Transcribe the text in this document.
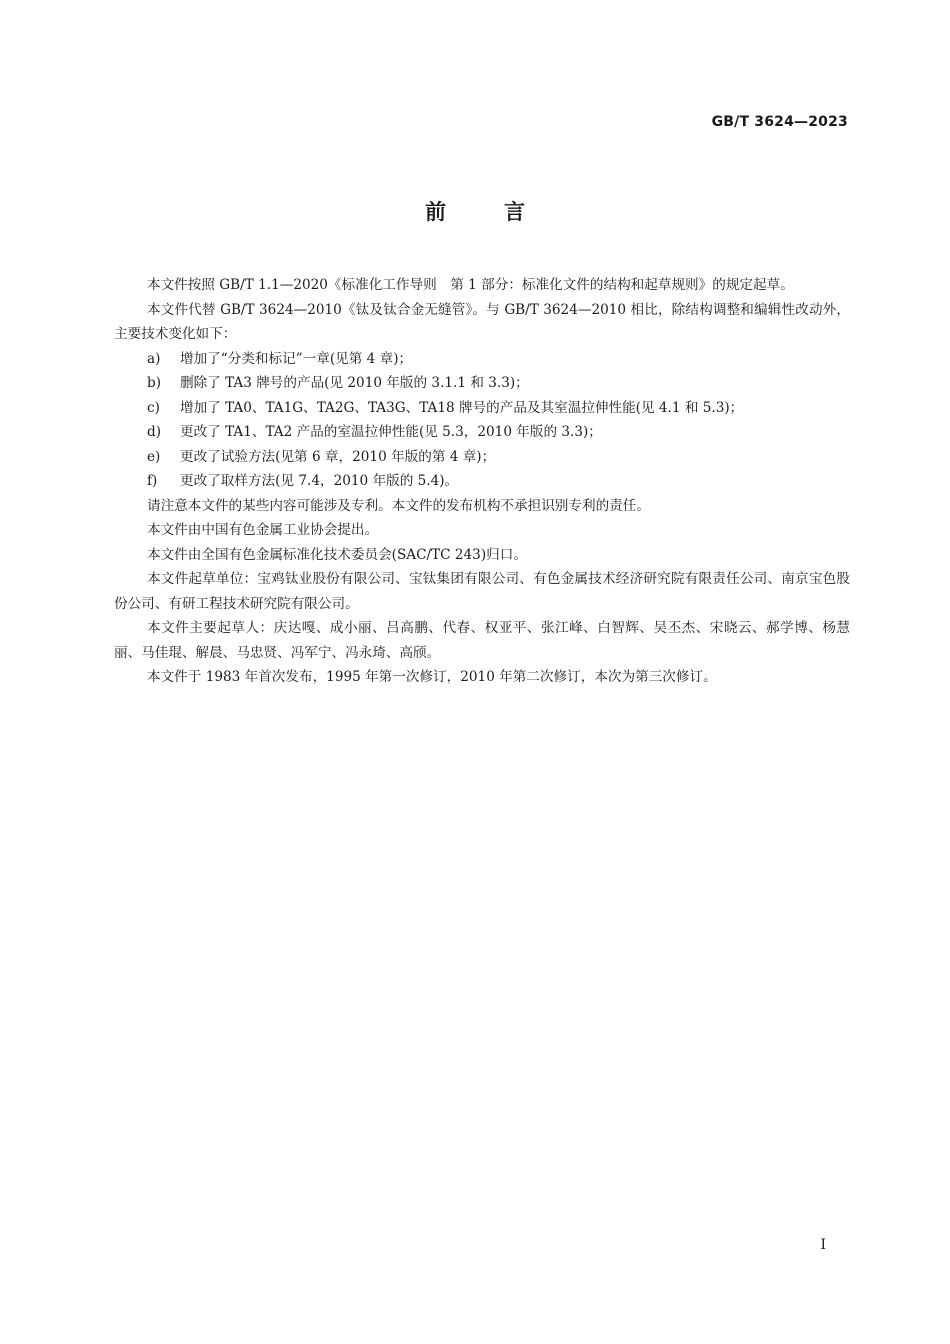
GB/T 3624—2023
前言

本文件按照 GB/T 1.1—2020《标准化工作导则　第 1 部分：标准化文件的结构和起草规则》的规定起草。

本文件代替 GB/T 3624—2010《钛及钛合金无缝管》。与 GB/T 3624—2010 相比，除结构调整和编辑性改动外，主要技术变化如下：

a)	增加了“分类和标记”一章(见第 4 章)；
b)	删除了 TA3 牌号的产品(见 2010 年版的 3.1.1 和 3.3)；
c)	增加了 TA0、TA1G、TA2G、TA3G、TA18 牌号的产品及其室温拉伸性能(见 4.1 和 5.3)；
d)	更改了 TA1、TA2 产品的室温拉伸性能(见 5.3，2010 年版的 3.3)；
e)	更改了试验方法(见第 6 章，2010 年版的第 4 章)；
f)	更改了取样方法(见 7.4，2010 年版的 5.4)。

请注意本文件的某些内容可能涉及专利。本文件的发布机构不承担识别专利的责任。

本文件由中国有色金属工业协会提出。

本文件由全国有色金属标准化技术委员会(SAC/TC 243)归口。

本文件起草单位：宝鸡钛业股份有限公司、宝钛集团有限公司、有色金属技术经济研究院有限责任公司、南京宝色股份公司、有研工程技术研究院有限公司。

本文件主要起草人：庆达嘎、成小丽、吕高鹏、代春、权亚平、张江峰、白智辉、吴丕杰、宋晓云、郝学博、杨慧丽、马佳琨、解晨、马忠贤、冯军宁、冯永琦、高颀。

本文件于 1983 年首次发布，1995 年第一次修订，2010 年第二次修订，本次为第三次修订。

I
